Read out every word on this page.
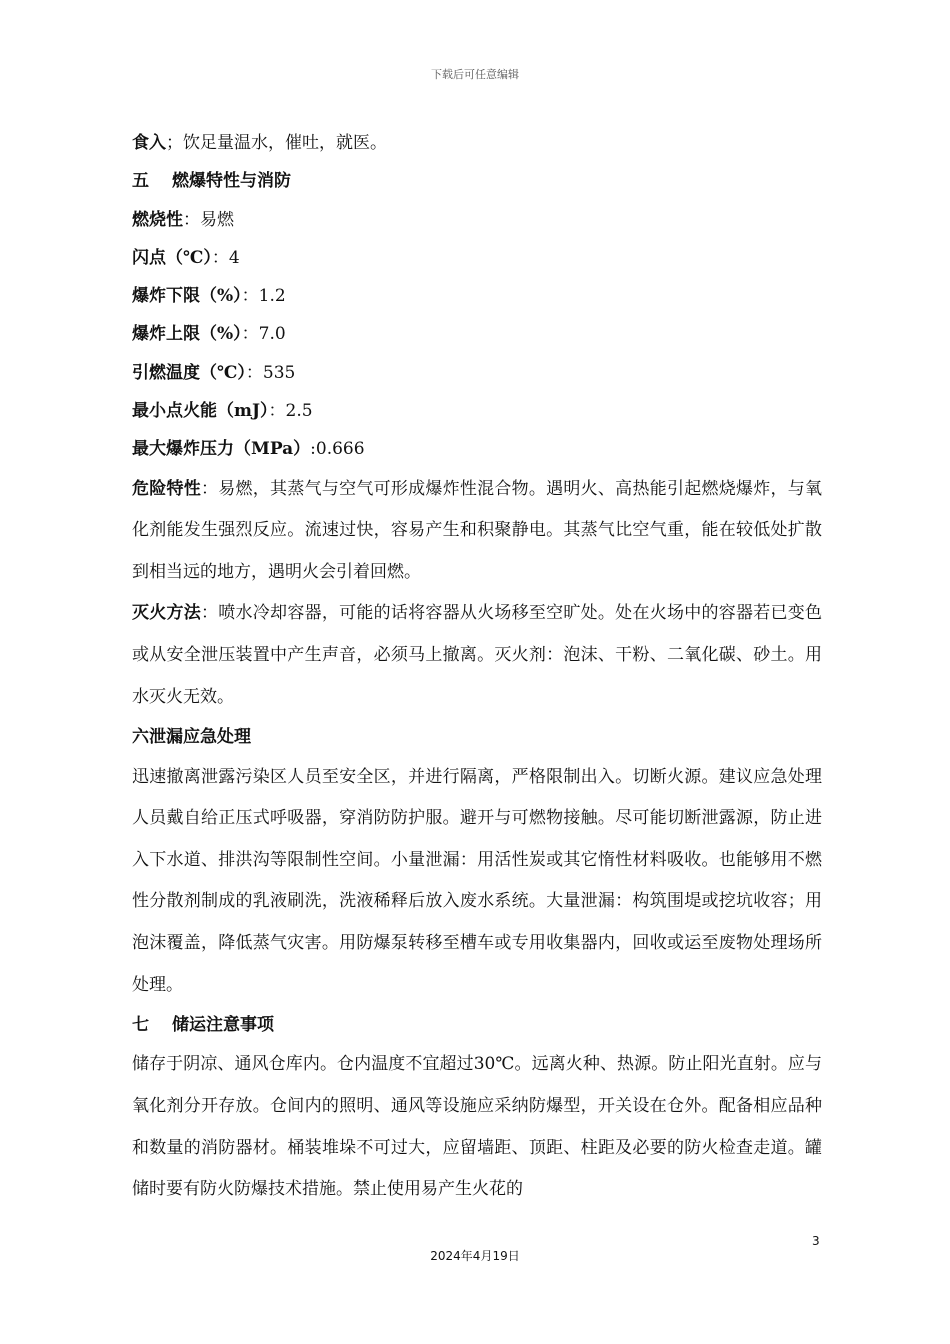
下载后可任意编辑
食入；饮足量温水，催吐，就医。
五 燃爆特性与消防
燃烧性：易燃
闪点（℃）：4
爆炸下限（%）：1.2
爆炸上限（%）：7.0
引燃温度（℃）：535
最小点火能（mJ）：2.5
最大爆炸压力（MPa）:0.666
危险特性：易燃，其蒸气与空气可形成爆炸性混合物。遇明火、高热能引起燃烧爆炸，与氧化剂能发生强烈反应。流速过快，容易产生和积聚静电。其蒸气比空气重，能在较低处扩散到相当远的地方，遇明火会引着回燃。
灭火方法：喷水冷却容器，可能的话将容器从火场移至空旷处。处在火场中的容器若已变色或从安全泄压装置中产生声音，必须马上撤离。灭火剂：泡沫、干粉、二氧化碳、砂土。用水灭火无效。
六泄漏应急处理
迅速撤离泄露污染区人员至安全区，并进行隔离，严格限制出入。切断火源。建议应急处理人员戴自给正压式呼吸器，穿消防防护服。避开与可燃物接触。尽可能切断泄露源，防止进入下水道、排洪沟等限制性空间。小量泄漏：用活性炭或其它惰性材料吸收。也能够用不燃性分散剂制成的乳液刷洗，洗液稀释后放入废水系统。大量泄漏：构筑围堤或挖坑收容；用泡沫覆盖，降低蒸气灾害。用防爆泵转移至槽车或专用收集器内，回收或运至废物处理场所处理。
七 储运注意事项
储存于阴凉、通风仓库内。仓内温度不宜超过30℃。远离火种、热源。防止阳光直射。应与氧化剂分开存放。仓间内的照明、通风等设施应采纳防爆型，开关设在仓外。配备相应品种和数量的消防器材。桶装堆垛不可过大，应留墙距、顶距、柱距及必要的防火检查走道。罐储时要有防火防爆技术措施。禁止使用易产生火花的
3
2024年4月19日
